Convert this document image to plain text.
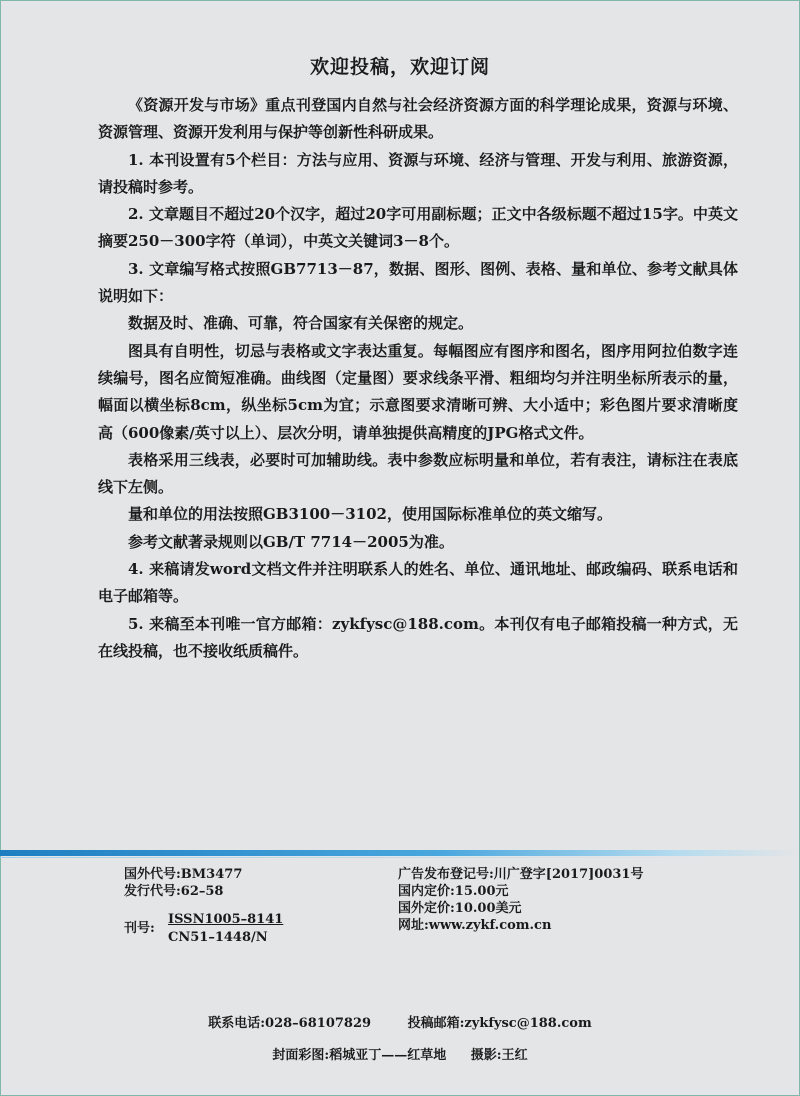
欢迎投稿，欢迎订阅

《资源开发与市场》重点刊登国内自然与社会经济资源方面的科学理论成果，资源与环境、资源管理、资源开发利用与保护等创新性科研成果。

1. 本刊设置有5个栏目：方法与应用、资源与环境、经济与管理、开发与利用、旅游资源，请投稿时参考。

2. 文章题目不超过20个汉字，超过20字可用副标题；正文中各级标题不超过15字。中英文摘要250－300字符（单词），中英文关键词3－8个。

3. 文章编写格式按照GB7713－87，数据、图形、图例、表格、量和单位、参考文献具体说明如下：

数据及时、准确、可靠，符合国家有关保密的规定。

图具有自明性，切忌与表格或文字表达重复。每幅图应有图序和图名，图序用阿拉伯数字连续编号，图名应简短准确。曲线图（定量图）要求线条平滑、粗细均匀并注明坐标所表示的量，幅面以横坐标8cm，纵坐标5cm为宜；示意图要求清晰可辨、大小适中；彩色图片要求清晰度高（600像素/英寸以上）、层次分明，请单独提供高精度的JPG格式文件。

表格采用三线表，必要时可加辅助线。表中参数应标明量和单位，若有表注，请标注在表底线下左侧。

量和单位的用法按照GB3100－3102，使用国际标准单位的英文缩写。

参考文献著录规则以GB/T 7714－2005为准。

4. 来稿请发word文档文件并注明联系人的姓名、单位、通讯地址、邮政编码、联系电话和电子邮箱等。

5. 来稿至本刊唯一官方邮箱：zykfysc@188.com。本刊仅有电子邮箱投稿一种方式，无在线投稿，也不接收纸质稿件。

国外代号:BM3477
发行代号:62–58
刊号:
ISSN1005–8141
CN51–1448/N
广告发布登记号:川广登字[2017]0031号
国内定价:15.00元
国外定价:10.00美元
网址:www.zykf.com.cn
联系电话:028–68107829	投稿邮箱:zykfysc@188.com
封面彩图:稻城亚丁——红草地 摄影:王红
